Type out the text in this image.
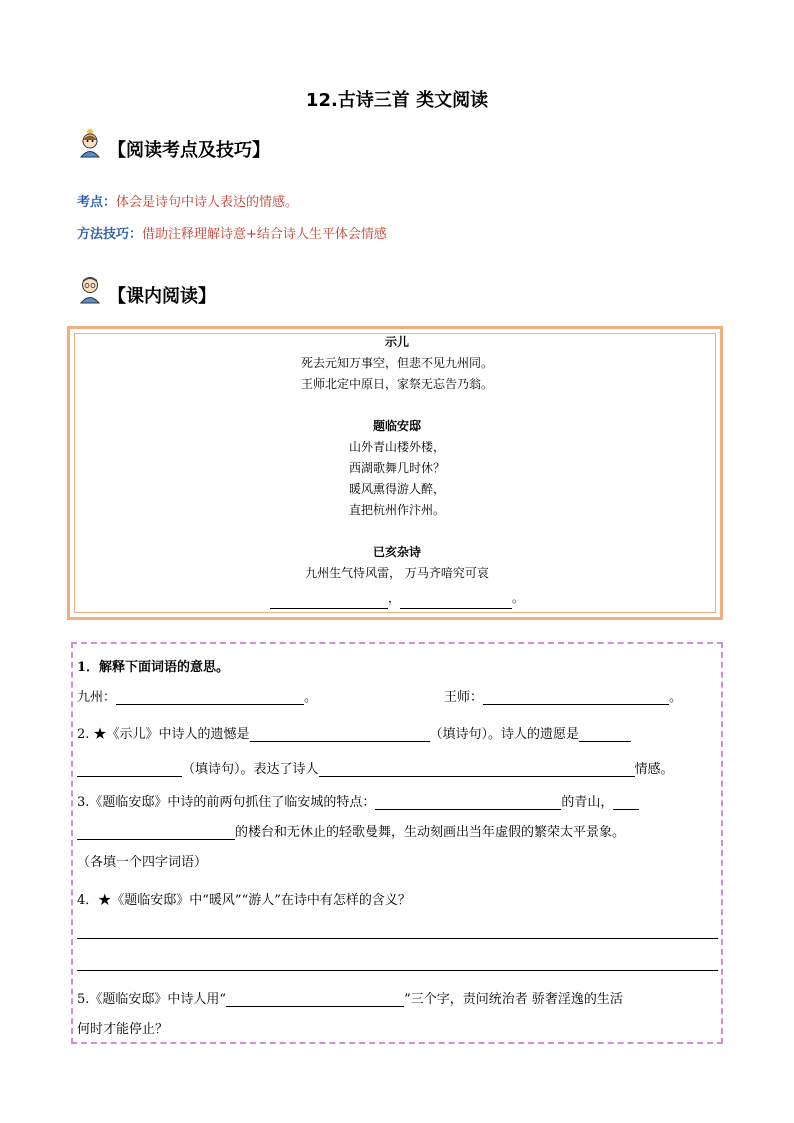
12.古诗三首 类文阅读
【阅读考点及技巧】
考点：体会是诗句中诗人表达的情感。
方法技巧：借助注释理解诗意+结合诗人生平体会情感
【课内阅读】
示儿
死去元知万事空，但悲不见九州同。
王师北定中原日，家祭无忘告乃翁。
题临安邸
山外青山楼外楼，
西湖歌舞几时休？
暖风熏得游人醉，
直把杭州作汴州。
已亥杂诗
九州生气恃风雷， 万马齐喑究可哀
，	。
1．解释下面词语的意思。
九州：	。	王师：	。
2. ★《示儿》中诗人的遗憾是	（填诗句）。诗人的遗愿是
（填诗句）。表达了诗人	情感。
3.《题临安邸》中诗的前两句抓住了临安城的特点：	的青山，
的楼台和无休止的轻歌曼舞，生动刻画出当年虚假的繁荣太平景象。
（各填一个四字词语）
4．★《题临安邸》中“暖风”“游人”在诗中有怎样的含义？
5.《题临安邸》中诗人用“	”三个字，责问统治者 骄奢淫逸的生活
何时才能停止？
